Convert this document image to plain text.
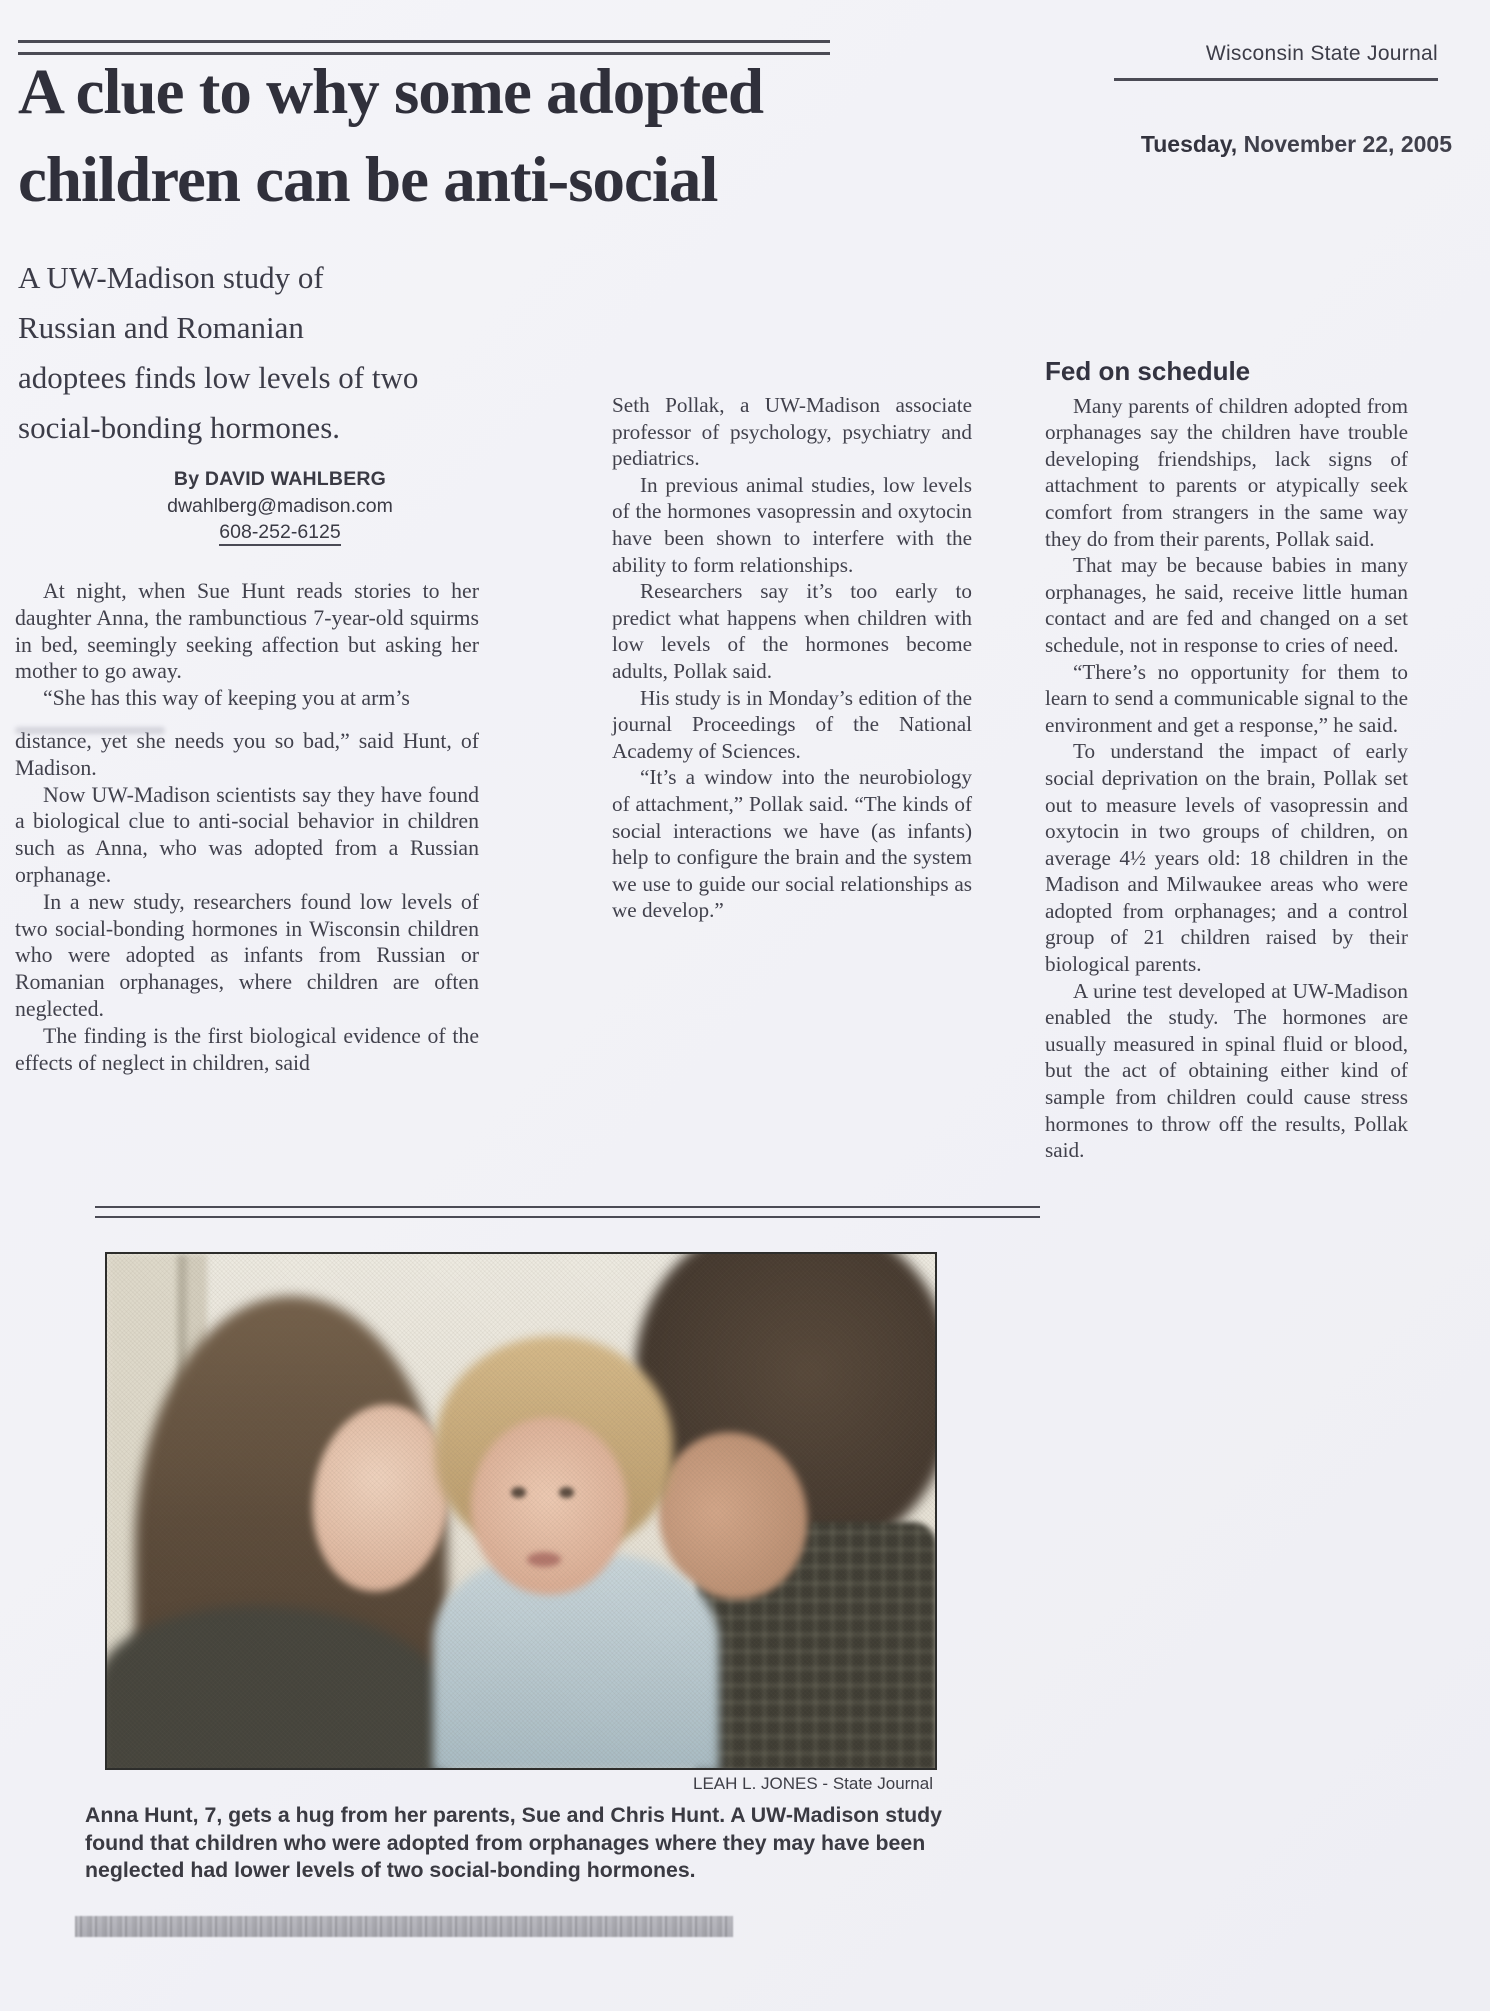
Wisconsin State Journal
Tuesday, November 22, 2005
A clue to why some adopted
children can be anti-social
A UW-Madison study of
Russian and Romanian
adoptees finds low levels of two
social-bonding hormones.
By DAVID WAHLBERG
dwahlberg@madison.com
608-252-6125

At night, when Sue Hunt reads stories to her daughter Anna, the rambunctious 7-year-old squirms in bed, seemingly seeking affection but asking her mother to go away.

“She has this way of keeping you at arm’s

distance, yet she needs you so bad,” said Hunt, of Madison.

Now UW-Madison scientists say they have found a biological clue to anti-social behavior in children such as Anna, who was adopted from a Russian orphanage.

In a new study, researchers found low levels of two social-bonding hormones in Wisconsin children who were adopted as infants from Russian or Romanian orphanages, where children are often neglected.

The finding is the first biological evidence of the effects of neglect in children, said

Seth Pollak, a UW-Madison associate professor of psychology, psychiatry and pediatrics.

In previous animal studies, low levels of the hormones vasopressin and oxytocin have been shown to interfere with the ability to form relationships.

Researchers say it’s too early to predict what happens when children with low levels of the hormones become adults, Pollak said.

His study is in Monday’s edition of the journal Proceedings of the National Academy of Sciences.

“It’s a window into the neurobiology of attachment,” Pollak said. “The kinds of social interactions we have (as infants) help to configure the brain and the system we use to guide our social relationships as we develop.”

Fed on schedule

Many parents of children adopted from orphanages say the children have trouble developing friendships, lack signs of attachment to parents or atypically seek comfort from strangers in the same way they do from their parents, Pollak said.

That may be because babies in many orphanages, he said, receive little human contact and are fed and changed on a set schedule, not in response to cries of need.

“There’s no opportunity for them to learn to send a communicable signal to the environment and get a response,” he said.

To understand the impact of early social deprivation on the brain, Pollak set out to measure levels of vasopressin and oxytocin in two groups of children, on average 4½ years old: 18 children in the Madison and Milwaukee areas who were adopted from orphanages; and a control group of 21 children raised by their biological parents.

A urine test developed at UW-Madison enabled the study. The hormones are usually measured in spinal fluid or blood, but the act of obtaining either kind of sample from children could cause stress hormones to throw off the results, Pollak said.

LEAH L. JONES - State Journal
Anna Hunt, 7, gets a hug from her parents, Sue and Chris Hunt. A UW-Madison study found that children who were adopted from orphanages where they may have been neglected had lower levels of two social-bonding hormones.
